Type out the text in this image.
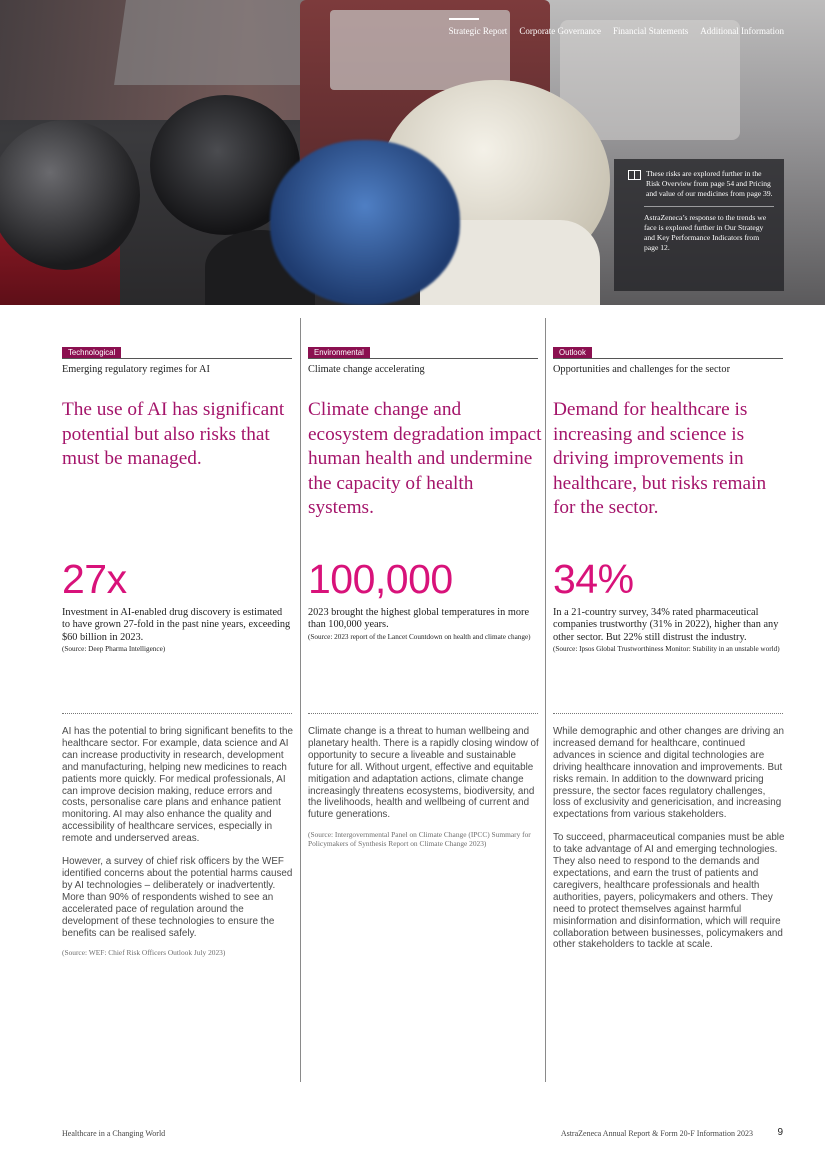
Strategic Report Corporate Governance Financial Statements Additional Information
These risks are explored further in the Risk Overview from page 54 and Pricing and value of our medicines from page 39.
AstraZeneca’s response to the trends we face is explored further in Our Strategy and Key Performance Indicators from page 12.
Technological
Emerging regulatory regimes for AI
The use of AI has significant potential but also risks that must be managed.
27x
Investment in AI-enabled drug discovery is estimated to have grown 27-fold in the past nine years, exceeding $60 billion in 2023.
(Source: Deep Pharma Intelligence)

AI has the potential to bring significant benefits to the healthcare sector. For example, data science and AI can increase productivity in research, development and manufacturing, helping new medicines to reach patients more quickly. For medical professionals, AI can improve decision making, reduce errors and costs, personalise care plans and enhance patient monitoring. AI may also enhance the quality and accessibility of healthcare services, especially in remote and underserved areas.

However, a survey of chief risk officers by the WEF identified concerns about the potential harms caused by AI technologies – deliberately or inadvertently. More than 90% of respondents wished to see an accelerated pace of regulation around the development of these technologies to ensure the benefits can be realised safely.

(Source: WEF: Chief Risk Officers Outlook July 2023)

Environmental
Climate change accelerating
Climate change and ecosystem degradation impact human health and undermine the capacity of health systems.
100,000
2023 brought the highest global temperatures in more than 100,000 years.
(Source: 2023 report of the Lancet Countdown on health and climate change)

Climate change is a threat to human wellbeing and planetary health. There is a rapidly closing window of opportunity to secure a liveable and sustainable future for all. Without urgent, effective and equitable mitigation and adaptation actions, climate change increasingly threatens ecosystems, biodiversity, and the livelihoods, health and wellbeing of current and future generations.

(Source: Intergovernmental Panel on Climate Change (IPCC) Summary for Policymakers of Synthesis Report on Climate Change 2023)

Outlook
Opportunities and challenges for the sector
Demand for healthcare is increasing and science is driving improvements in healthcare, but risks remain for the sector.
34%
In a 21-country survey, 34% rated pharmaceutical companies trustworthy (31% in 2022), higher than any other sector. But 22% still distrust the industry.
(Source: Ipsos Global Trustworthiness Monitor: Stability in an unstable world)

While demographic and other changes are driving an increased demand for healthcare, continued advances in science and digital technologies are driving healthcare innovation and improvements. But risks remain. In addition to the downward pricing pressure, the sector faces regulatory challenges, loss of exclusivity and genericisation, and increasing expectations from various stakeholders.

To succeed, pharmaceutical companies must be able to take advantage of AI and emerging technologies. They also need to respond to the demands and expectations, and earn the trust of patients and caregivers, healthcare professionals and health authorities, payers, policymakers and others. They need to protect themselves against harmful misinformation and disinformation, which will require collaboration between businesses, policymakers and other stakeholders to tackle at scale.

Healthcare in a Changing World	AstraZeneca Annual Report & Form 20-F Information 2023 9
